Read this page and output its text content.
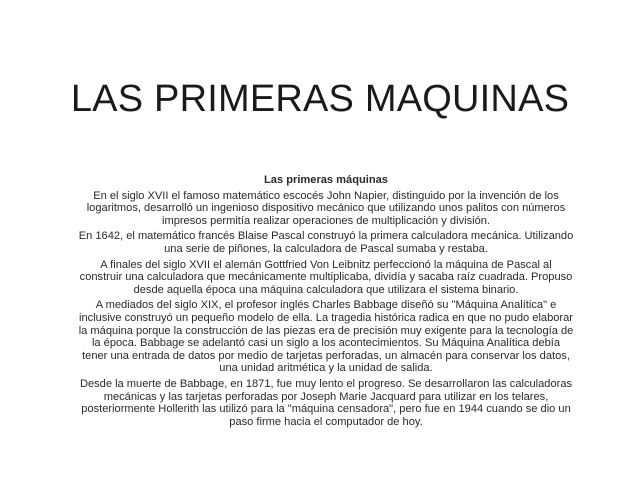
LAS PRIMERAS MAQUINAS
Las primeras máquinas
En el siglo XVII el famoso matemático escocés John Napier, distinguido por la invención de los logaritmos, desarrolló un ingenioso dispositivo mecánico que utilizando unos palitos con números impresos permitía realizar operaciones de multiplicación y división.
En 1642, el matemático francés Blaise Pascal construyó la primera calculadora mecánica. Utilizando una serie de piñones, la calculadora de Pascal sumaba y restaba.
A finales del siglo XVII el alemán Gottfried Von Leibnitz perfeccionó la máquina de Pascal al construir una calculadora que mecánicamente multiplicaba, dividía y sacaba raíz cuadrada. Propuso desde aquella época una máquina calculadora que utilizara el sistema binario.
A mediados del siglo XIX, el profesor inglés Charles Babbage diseñó su "Máquina Analítica" e inclusive construyó un pequeño modelo de ella. La tragedia histórica radica en que no pudo elaborar la máquina porque la construcción de las piezas era de precisión muy exigente para la tecnología de la época. Babbage se adelantó casi un siglo a los acontecimientos. Su Máquina Analítica debía tener una entrada de datos por medio de tarjetas perforadas, un almacén para conservar los datos, una unidad aritmética y la unidad de salida.
Desde la muerte de Babbage, en 1871, fue muy lento el progreso. Se desarrollaron las calculadoras mecánicas y las tarjetas perforadas por Joseph Marie Jacquard para utilizar en los telares, posteriormente Hollerith las utilizó para la "máquina censadora", pero fue en 1944 cuando se dio un paso firme hacia el computador de hoy.
